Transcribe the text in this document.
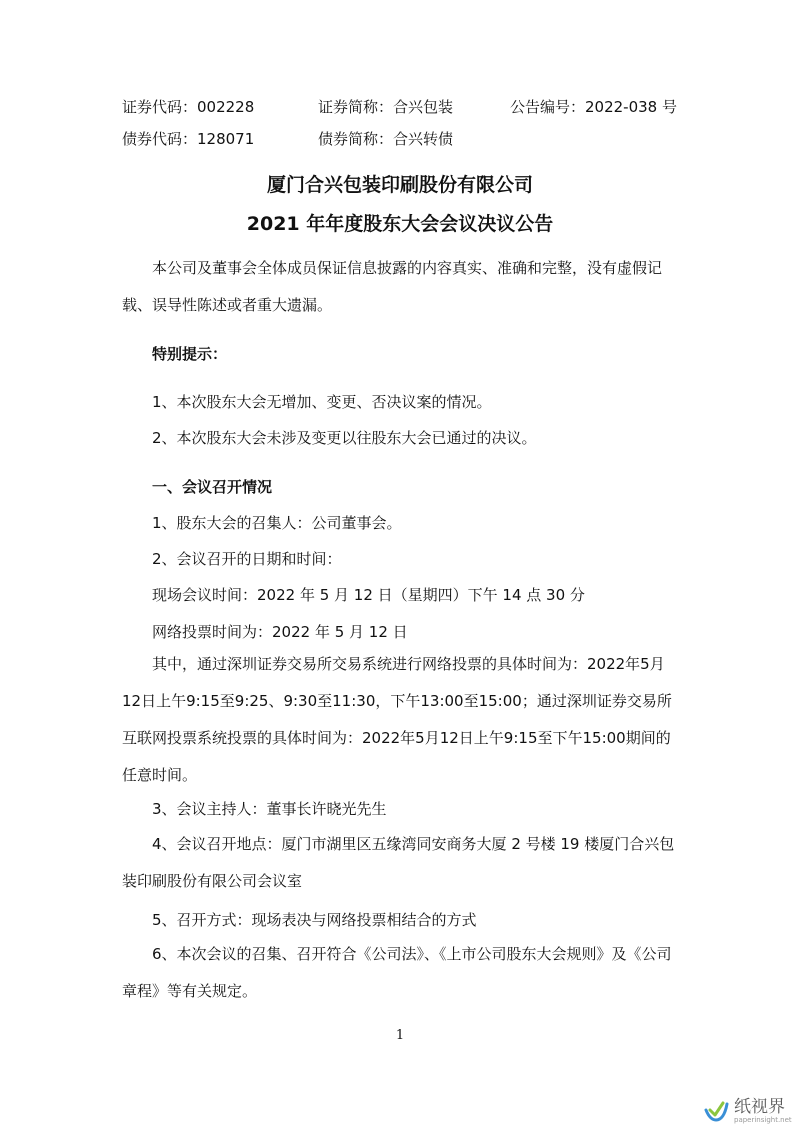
证券代码：002228	证券简称：合兴包装	公告编号：2022-038 号
债券代码：128071	债券简称：合兴转债
厦门合兴包装印刷股份有限公司
2021 年年度股东大会会议决议公告
本公司及董事会全体成员保证信息披露的内容真实、准确和完整，没有虚假记载、误导性陈述或者重大遗漏。
特别提示：
1、本次股东大会无增加、变更、否决议案的情况。
2、本次股东大会未涉及变更以往股东大会已通过的决议。
一、会议召开情况
1、股东大会的召集人：公司董事会。
2、会议召开的日期和时间：
现场会议时间：2022 年 5 月 12 日（星期四）下午 14 点 30 分
网络投票时间为：2022 年 5 月 12 日
其中，通过深圳证券交易所交易系统进行网络投票的具体时间为：2022年5月12日上午9:15至9:25、9:30至11:30，下午13:00至15:00；通过深圳证券交易所互联网投票系统投票的具体时间为：2022年5月12日上午9:15至下午15:00期间的任意时间。
3、会议主持人：董事长许晓光先生
4、会议召开地点：厦门市湖里区五缘湾同安商务大厦 2 号楼 19 楼厦门合兴包装印刷股份有限公司会议室
5、召开方式：现场表决与网络投票相结合的方式
6、本次会议的召集、召开符合《公司法》、《上市公司股东大会规则》及《公司章程》等有关规定。
1
纸视界
paperinsight.net
